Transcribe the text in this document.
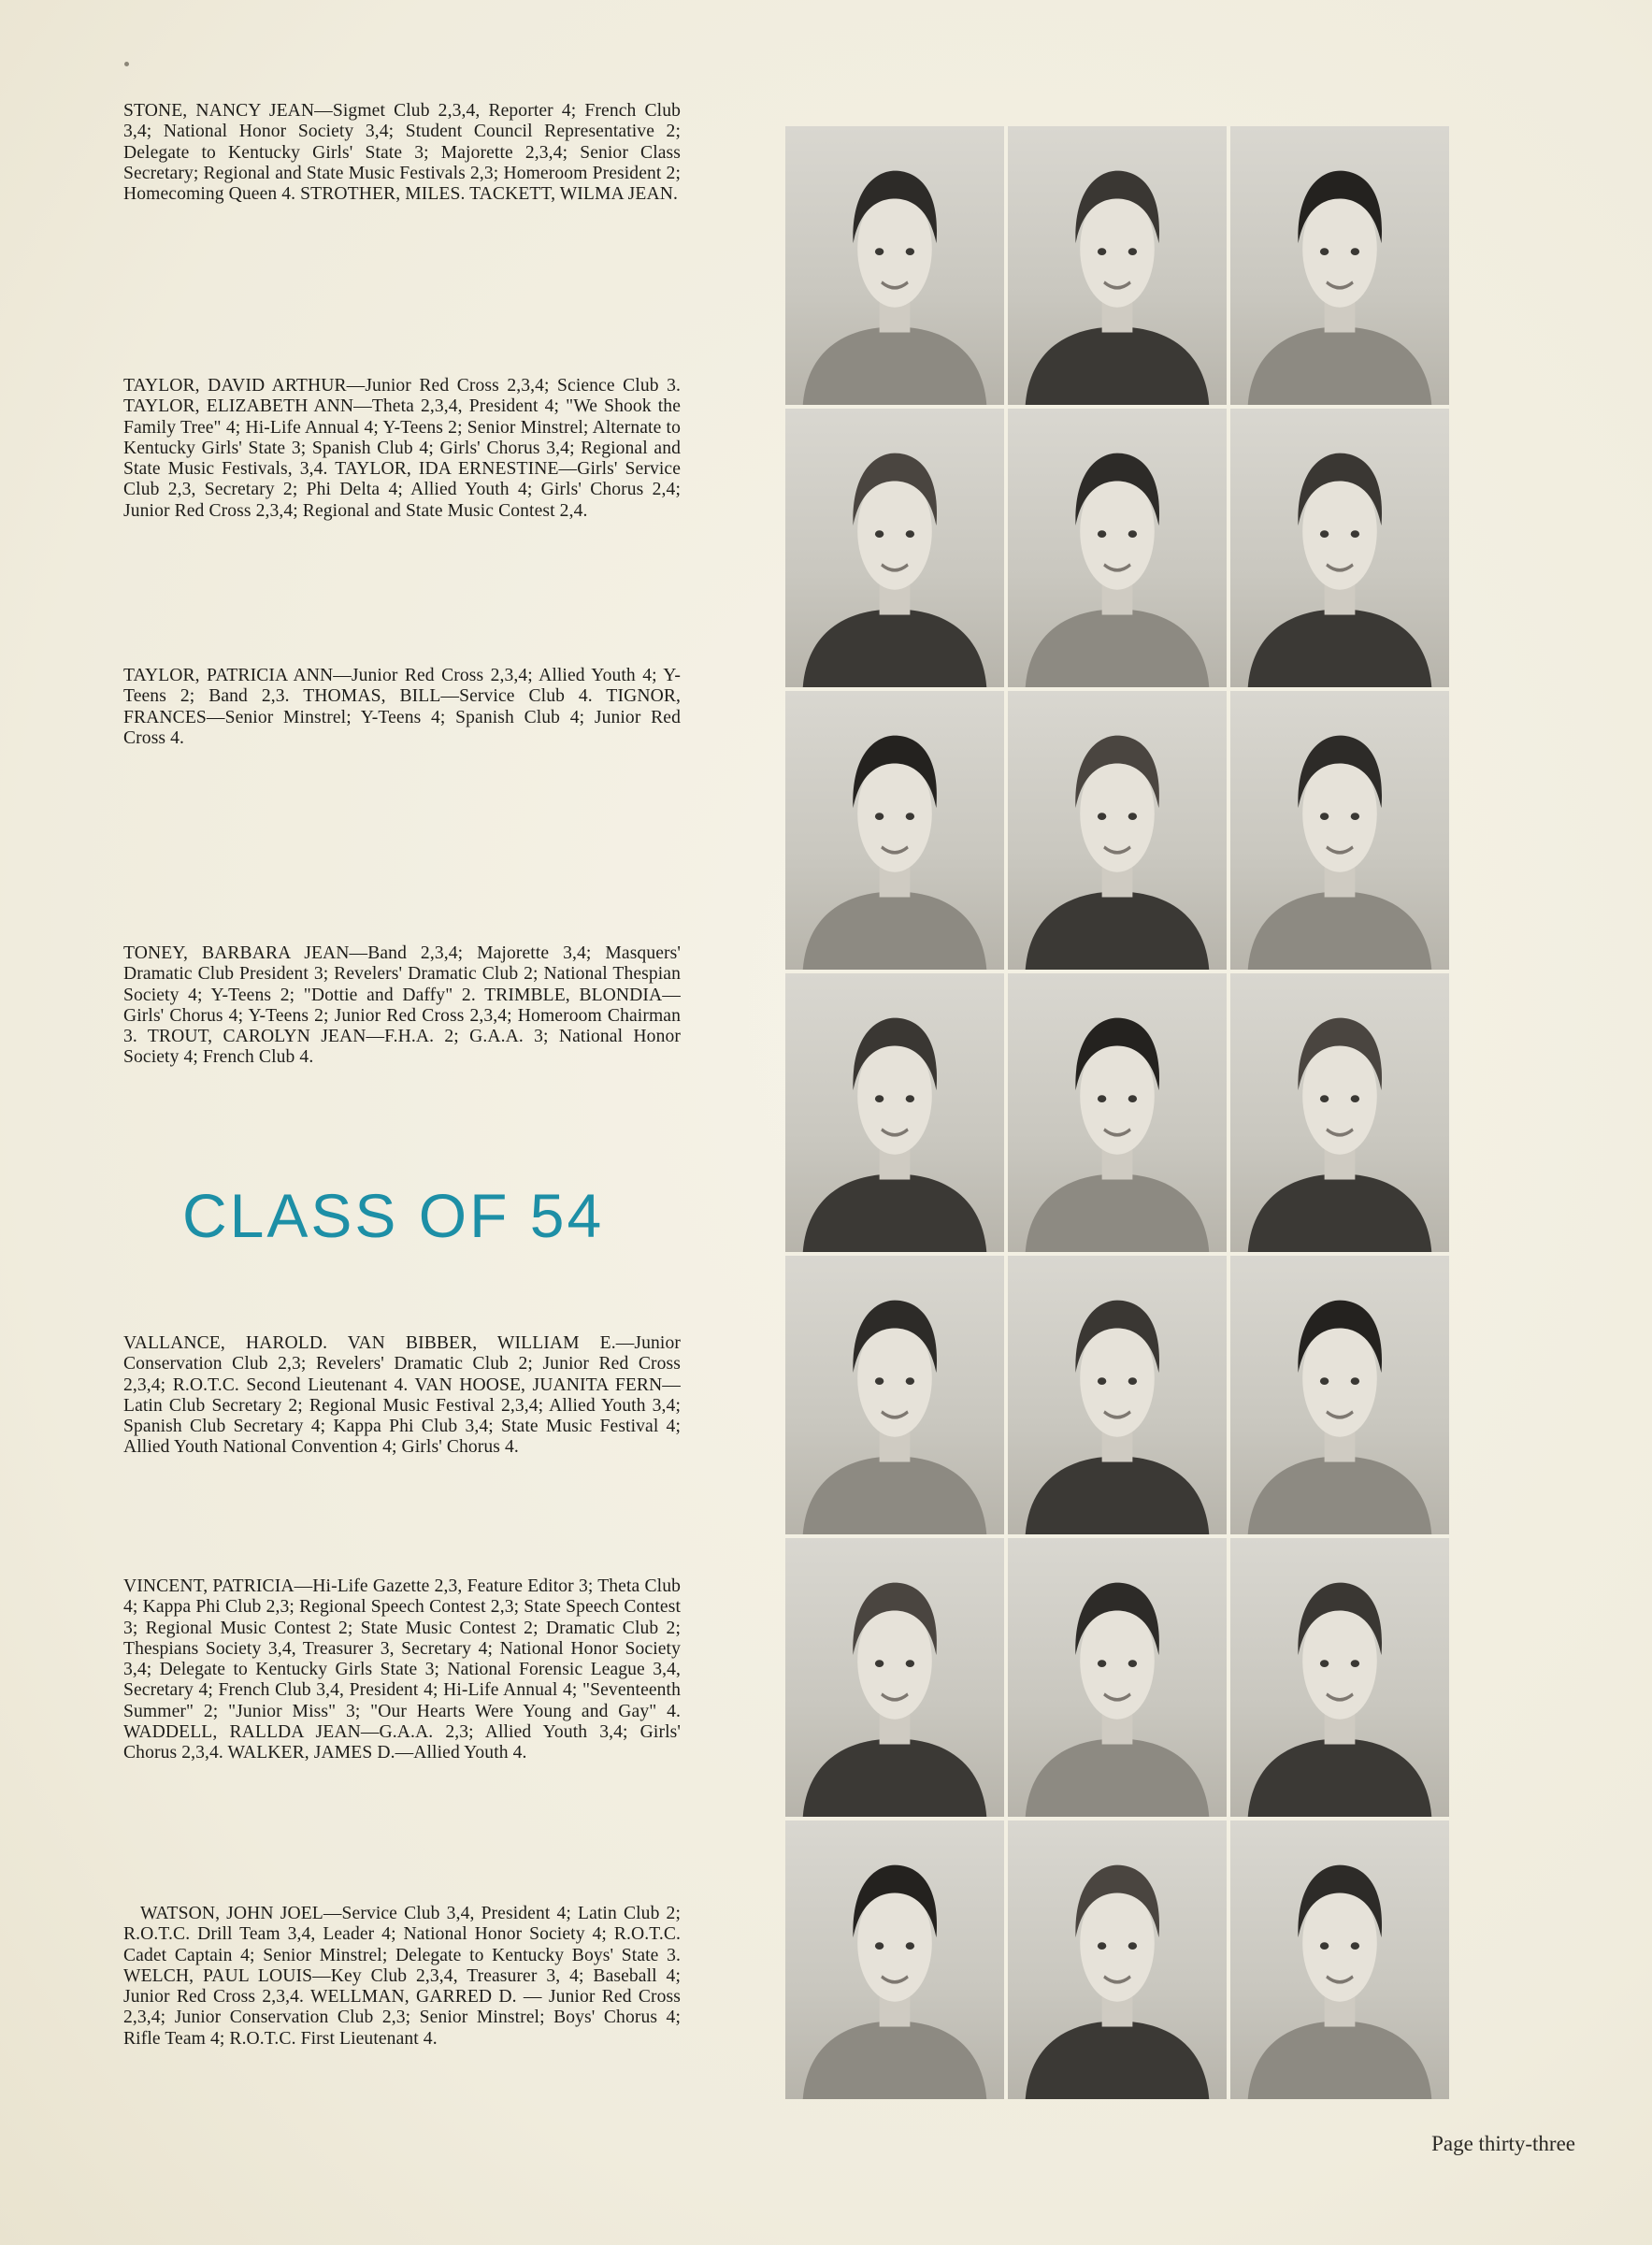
STONE, NANCY JEAN—Sigmet Club 2,3,4, Reporter 4; French Club 3,4; National Honor Society 3,4; Student Council Representative 2; Delegate to Kentucky Girls' State 3; Majorette 2,3,4; Senior Class Secretary; Regional and State Music Festivals 2,3; Homeroom President 2; Homecoming Queen 4. STROTHER, MILES. TACKETT, WILMA JEAN.

TAYLOR, DAVID ARTHUR—Junior Red Cross 2,3,4; Science Club 3. TAYLOR, ELIZABETH ANN—Theta 2,3,4, President 4; "We Shook the Family Tree" 4; Hi-Life Annual 4; Y-Teens 2; Senior Minstrel; Alternate to Kentucky Girls' State 3; Spanish Club 4; Girls' Chorus 3,4; Regional and State Music Festivals, 3,4. TAYLOR, IDA ERNESTINE—Girls' Service Club 2,3, Secretary 2; Phi Delta 4; Allied Youth 4; Girls' Chorus 2,4; Junior Red Cross 2,3,4; Regional and State Music Contest 2,4.

TAYLOR, PATRICIA ANN—Junior Red Cross 2,3,4; Allied Youth 4; Y-Teens 2; Band 2,3. THOMAS, BILL—Service Club 4. TIGNOR, FRANCES—Senior Minstrel; Y-Teens 4; Spanish Club 4; Junior Red Cross 4.

TONEY, BARBARA JEAN—Band 2,3,4; Majorette 3,4; Masquers' Dramatic Club President 3; Revelers' Dramatic Club 2; National Thespian Society 4; Y-Teens 2; "Dottie and Daffy" 2. TRIMBLE, BLONDIA—Girls' Chorus 4; Y-Teens 2; Junior Red Cross 2,3,4; Homeroom Chairman 3. TROUT, CAROLYN JEAN—F.H.A. 2; G.A.A. 3; National Honor Society 4; French Club 4.

CLASS OF 54

VALLANCE, HAROLD. VAN BIBBER, WILLIAM E.—Junior Conservation Club 2,3; Revelers' Dramatic Club 2; Junior Red Cross 2,3,4; R.O.T.C. Second Lieutenant 4. VAN HOOSE, JUANITA FERN—Latin Club Secretary 2; Regional Music Festival 2,3,4; Allied Youth 3,4; Spanish Club Secretary 4; Kappa Phi Club 3,4; State Music Festival 4; Allied Youth National Convention 4; Girls' Chorus 4.

VINCENT, PATRICIA—Hi-Life Gazette 2,3, Feature Editor 3; Theta Club 4; Kappa Phi Club 2,3; Regional Speech Contest 2,3; State Speech Contest 3; Regional Music Contest 2; State Music Contest 2; Dramatic Club 2; Thespians Society 3,4, Treasurer 3, Secretary 4; National Honor Society 3,4; Delegate to Kentucky Girls State 3; National Forensic League 3,4, Secretary 4; French Club 3,4, President 4; Hi-Life Annual 4; "Seventeenth Summer" 2; "Junior Miss" 3; "Our Hearts Were Young and Gay" 4. WADDELL, RALLDA JEAN—G.A.A. 2,3; Allied Youth 3,4; Girls' Chorus 2,3,4. WALKER, JAMES D.—Allied Youth 4.

WATSON, JOHN JOEL—Service Club 3,4, President 4; Latin Club 2; R.O.T.C. Drill Team 3,4, Leader 4; National Honor Society 4; R.O.T.C. Cadet Captain 4; Senior Minstrel; Delegate to Kentucky Boys' State 3. WELCH, PAUL LOUIS—Key Club 2,3,4, Treasurer 3, 4; Baseball 4; Junior Red Cross 2,3,4. WELLMAN, GARRED D. — Junior Red Cross 2,3,4; Junior Conservation Club 2,3; Senior Minstrel; Boys' Chorus 4; Rifle Team 4; R.O.T.C. First Lieutenant 4.

Page thirty-three
